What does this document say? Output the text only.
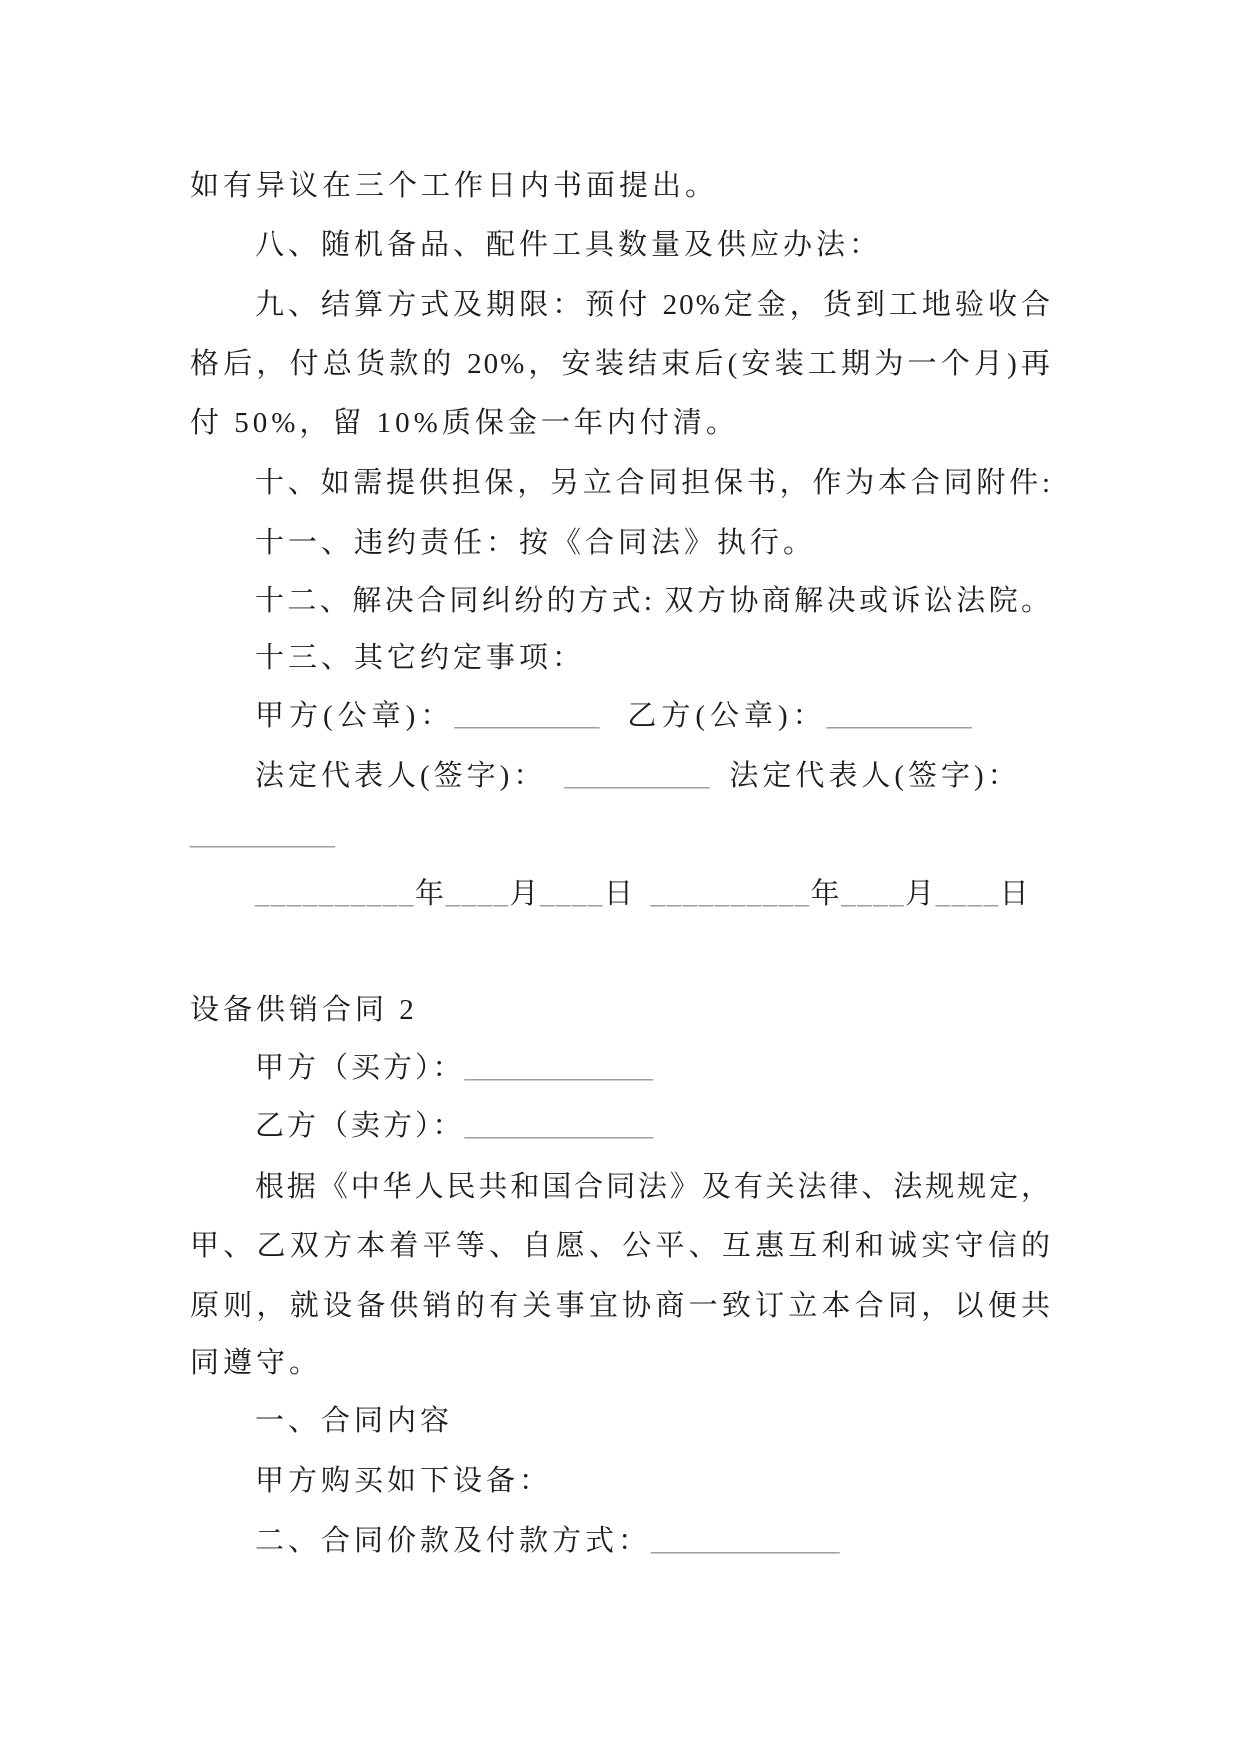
如有异议在三个工作日内书面提出。
八、随机备品、配件工具数量及供应办法：
九、结算方式及期限：预付 20%定金，货到工地验收合
格后，付总货款的 20%，安装结束后(安装工期为一个月)再
付 50%，留 10%质保金一年内付清。
十、如需提供担保，另立合同担保书，作为本合同附件:
十一、违约责任：按《合同法》执行。
十二、解决合同纠纷的方式: 双方协商解决或诉讼法院。
十三、其它约定事项：
甲方(公章)：__________ 乙方(公章)：__________
法定代表人(签字)： __________ 法定代表人(签字)：
__________
__________年____月____日 __________年____月____日
设备供销合同 2
甲方（买方）：_____________
乙方（卖方）：_____________
根据《中华人民共和国合同法》及有关法律、法规规定，
甲、乙双方本着平等、自愿、公平、互惠互利和诚实守信的
原则，就设备供销的有关事宜协商一致订立本合同，以便共
同遵守。
一、合同内容
甲方购买如下设备：
二、合同价款及付款方式：_____________
